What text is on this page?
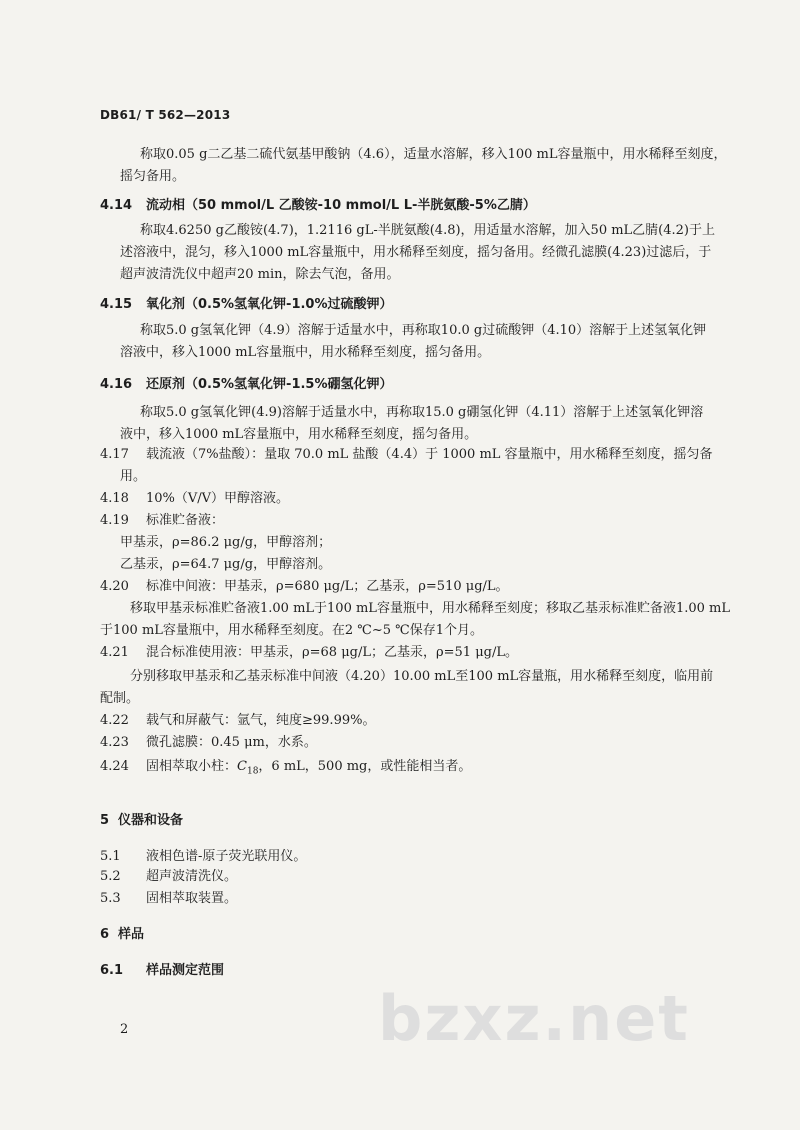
DB61/ T 562—2013
称取0.05 g二乙基二硫代氨基甲酸钠（4.6），适量水溶解，移入100 mL容量瓶中，用水稀释至刻度，
摇匀备用。
4.14 流动相（50 mmol/L 乙酸铵-10 mmol/L L-半胱氨酸-5%乙腈）
称取4.6250 g乙酸铵(4.7)，1.2116 gL-半胱氨酸(4.8)，用适量水溶解，加入50 mL乙腈(4.2)于上
述溶液中，混匀，移入1000 mL容量瓶中，用水稀释至刻度，摇匀备用。经微孔滤膜(4.23)过滤后，于
超声波清洗仪中超声20 min，除去气泡，备用。
4.15 氧化剂（0.5%氢氧化钾-1.0%过硫酸钾）
称取5.0 g氢氧化钾（4.9）溶解于适量水中，再称取10.0 g过硫酸钾（4.10）溶解于上述氢氧化钾
溶液中，移入1000 mL容量瓶中，用水稀释至刻度，摇匀备用。
4.16 还原剂（0.5%氢氧化钾-1.5%硼氢化钾）
称取5.0 g氢氧化钾(4.9)溶解于适量水中，再称取15.0 g硼氢化钾（4.11）溶解于上述氢氧化钾溶
液中，移入1000 mL容量瓶中，用水稀释至刻度，摇匀备用。
4.17 载流液（7%盐酸）：量取 70.0 mL 盐酸（4.4）于 1000 mL 容量瓶中，用水稀释至刻度，摇匀备
用。
4.18 10%（V/V）甲醇溶液。
4.19 标准贮备液：
甲基汞，ρ=86.2 μg/g，甲醇溶剂；
乙基汞，ρ=64.7 μg/g，甲醇溶剂。
4.20 标准中间液：甲基汞，ρ=680 μg/L；乙基汞，ρ=510 μg/L。
移取甲基汞标准贮备液1.00 mL于100 mL容量瓶中，用水稀释至刻度；移取乙基汞标准贮备液1.00 mL
于100 mL容量瓶中，用水稀释至刻度。在2 ℃~5 ℃保存1个月。
4.21 混合标准使用液：甲基汞，ρ=68 μg/L；乙基汞，ρ=51 μg/L。
分别移取甲基汞和乙基汞标准中间液（4.20）10.00 mL至100 mL容量瓶，用水稀释至刻度，临用前
配制。
4.22 载气和屏蔽气：氩气，纯度≥99.99%。
4.23 微孔滤膜：0.45 μm，水系。
4.24 固相萃取小柱：$C_{18}$，6 mL，500 mg，或性能相当者。
5 仪器和设备
5.1 液相色谱-原子荧光联用仪。
5.2 超声波清洗仪。
5.3 固相萃取装置。
6 样品
6.1 样品测定范围
bzxz.net
2
